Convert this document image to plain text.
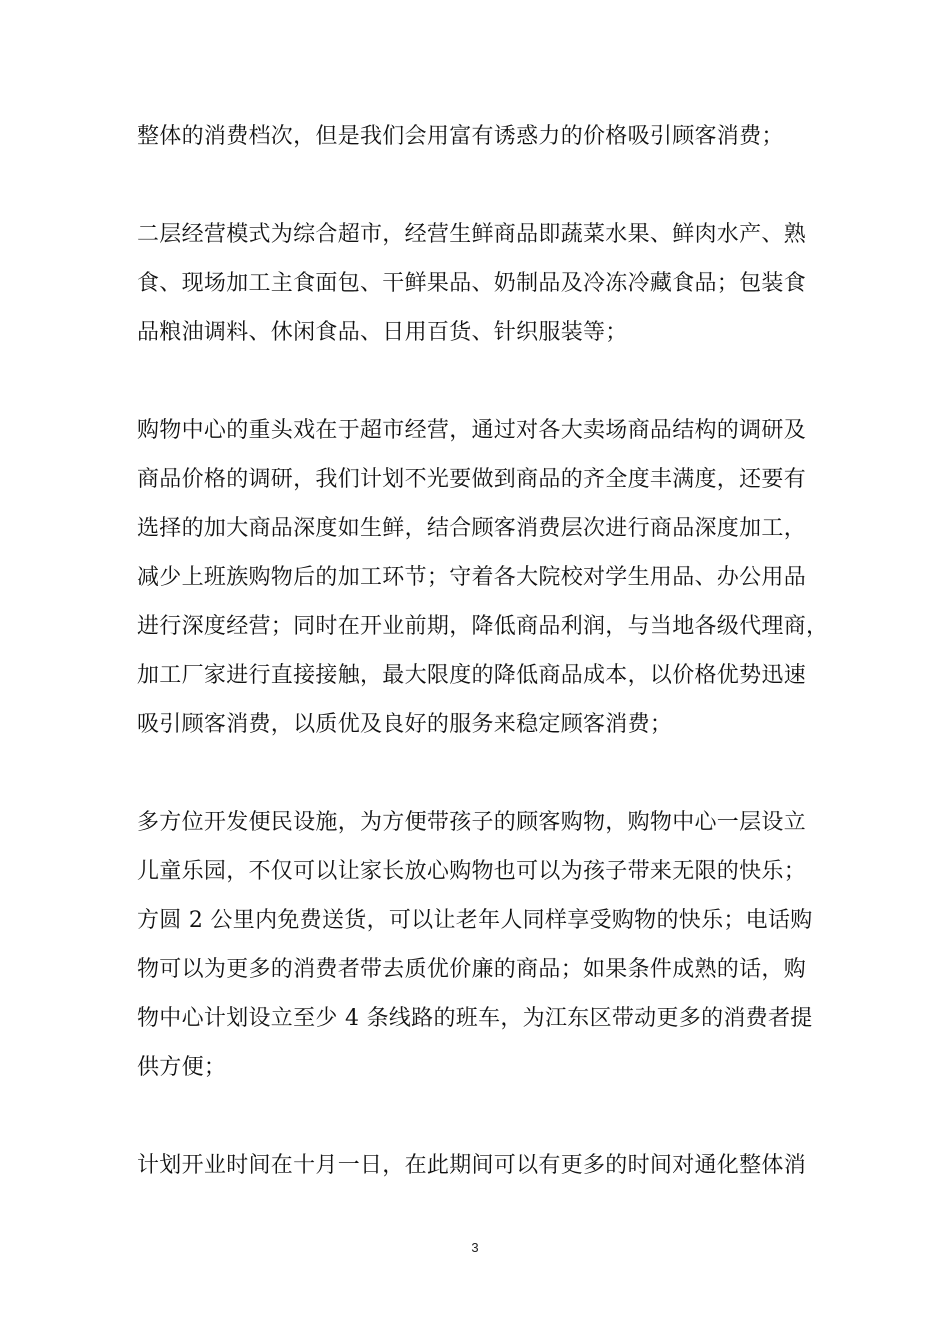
整体的消费档次，但是我们会用富有诱惑力的价格吸引顾客消费；

二层经营模式为综合超市，经营生鲜商品即蔬菜水果、鲜肉水产、熟
食、现场加工主食面包、干鲜果品、奶制品及冷冻冷藏食品；包装食
品粮油调料、休闲食品、日用百货、针织服装等；

购物中心的重头戏在于超市经营，通过对各大卖场商品结构的调研及
商品价格的调研，我们计划不光要做到商品的齐全度丰满度，还要有
选择的加大商品深度如生鲜，结合顾客消费层次进行商品深度加工，
减少上班族购物后的加工环节；守着各大院校对学生用品、办公用品
进行深度经营；同时在开业前期，降低商品利润，与当地各级代理商，
加工厂家进行直接接触，最大限度的降低商品成本，以价格优势迅速
吸引顾客消费，以质优及良好的服务来稳定顾客消费；

多方位开发便民设施，为方便带孩子的顾客购物，购物中心一层设立
儿童乐园，不仅可以让家长放心购物也可以为孩子带来无限的快乐；
方圆 2 公里内免费送货，可以让老年人同样享受购物的快乐；电话购
物可以为更多的消费者带去质优价廉的商品；如果条件成熟的话，购
物中心计划设立至少 4 条线路的班车，为江东区带动更多的消费者提
供方便；

计划开业时间在十月一日，在此期间可以有更多的时间对通化整体消

3
